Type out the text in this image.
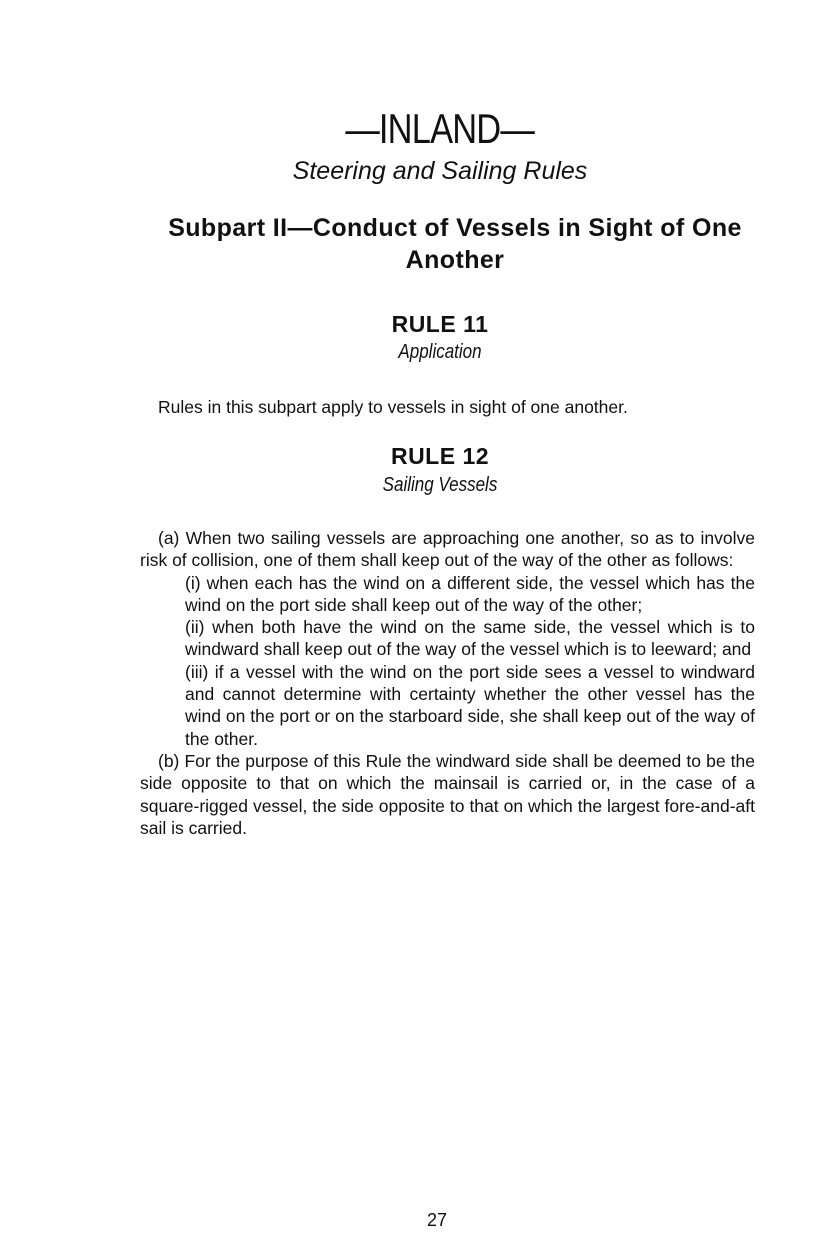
—INLAND—
Steering and Sailing Rules
Subpart II—Conduct of Vessels in Sight of One Another
RULE 11
Application

Rules in this subpart apply to vessels in sight of one another.

RULE 12
Sailing Vessels

(a) When two sailing vessels are approaching one another, so as to involve risk of collision, one of them shall keep out of the way of the other as follows:

(i) when each has the wind on a different side, the vessel which has the wind on the port side shall keep out of the way of the other;

(ii) when both have the wind on the same side, the vessel which is to windward shall keep out of the way of the vessel which is to leeward; and

(iii) if a vessel with the wind on the port side sees a vessel to windward and cannot determine with certainty whether the other vessel has the wind on the port or on the starboard side, she shall keep out of the way of the other.

(b) For the purpose of this Rule the windward side shall be deemed to be the side opposite to that on which the mainsail is carried or, in the case of a square-rigged vessel, the side opposite to that on which the largest fore-and-aft sail is carried.

27
